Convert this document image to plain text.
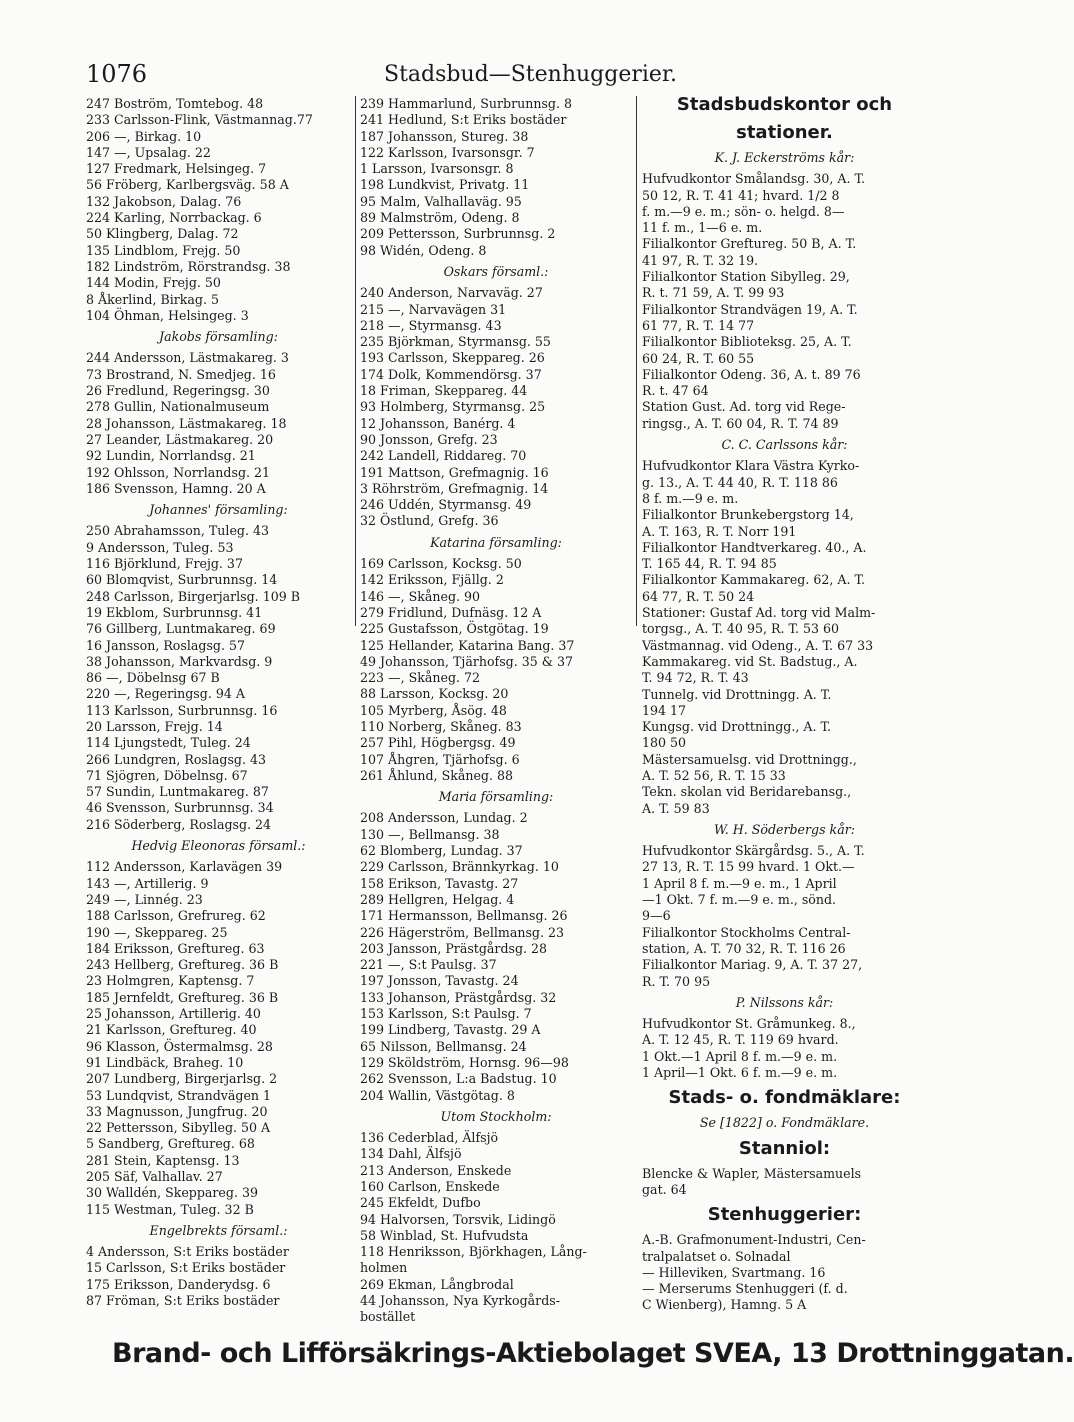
1076	Stadsbud—Stenhuggerier.
247 Boström, Tomtebog. 48
233 Carlsson-Flink, Västmannag.77
206 —, Birkag. 10
147 —, Upsalag. 22
127 Fredmark, Helsingeg. 7
56 Fröberg, Karlbergsväg. 58 A
132 Jakobson, Dalag. 76
224 Karling, Norrbackag. 6
50 Klingberg, Dalag. 72
135 Lindblom, Frejg. 50
182 Lindström, Rörstrandsg. 38
144 Modin, Frejg. 50
8 Åkerlind, Birkag. 5
104 Öhman, Helsingeg. 3
Jakobs församling:
244 Andersson, Lästmakareg. 3
73 Brostrand, N. Smedjeg. 16
26 Fredlund, Regeringsg. 30
278 Gullin, Nationalmuseum
28 Johansson, Lästmakareg. 18
27 Leander, Lästmakareg. 20
92 Lundin, Norrlandsg. 21
192 Ohlsson, Norrlandsg. 21
186 Svensson, Hamng. 20 A
Johannes' församling:
250 Abrahamsson, Tuleg. 43
9 Andersson, Tuleg. 53
116 Björklund, Frejg. 37
60 Blomqvist, Surbrunnsg. 14
248 Carlsson, Birgerjarlsg. 109 B
19 Ekblom, Surbrunnsg. 41
76 Gillberg, Luntmakareg. 69
16 Jansson, Roslagsg. 57
38 Johansson, Markvardsg. 9
86 —, Döbelnsg 67 B
220 —, Regeringsg. 94 A
113 Karlsson, Surbrunnsg. 16
20 Larsson, Frejg. 14
114 Ljungstedt, Tuleg. 24
266 Lundgren, Roslagsg. 43
71 Sjögren, Döbelnsg. 67
57 Sundin, Luntmakareg. 87
46 Svensson, Surbrunnsg. 34
216 Söderberg, Roslagsg. 24
Hedvig Eleonoras församl.:
112 Andersson, Karlavägen 39
143 —, Artillerig. 9
249 —, Linnég. 23
188 Carlsson, Grefrureg. 62
190 —, Skeppareg. 25
184 Eriksson, Greftureg. 63
243 Hellberg, Greftureg. 36 B
23 Holmgren, Kaptensg. 7
185 Jernfeldt, Greftureg. 36 B
25 Johansson, Artillerig. 40
21 Karlsson, Greftureg. 40
96 Klasson, Östermalmsg. 28
91 Lindbäck, Braheg. 10
207 Lundberg, Birgerjarlsg. 2
53 Lundqvist, Strandvägen 1
33 Magnusson, Jungfrug. 20
22 Pettersson, Sibylleg. 50 A
5 Sandberg, Greftureg. 68
281 Stein, Kaptensg. 13
205 Säf, Valhallav. 27
30 Walldén, Skeppareg. 39
115 Westman, Tuleg. 32 B
Engelbrekts församl.:
4 Andersson, S:t Eriks bostäder
15 Carlsson, S:t Eriks bostäder
175 Eriksson, Danderydsg. 6
87 Fröman, S:t Eriks bostäder
239 Hammarlund, Surbrunnsg. 8
241 Hedlund, S:t Eriks bostäder
187 Johansson, Stureg. 38
122 Karlsson, Ivarsonsgr. 7
1 Larsson, Ivarsonsgr. 8
198 Lundkvist, Privatg. 11
95 Malm, Valhallaväg. 95
89 Malmström, Odeng. 8
209 Pettersson, Surbrunnsg. 2
98 Widén, Odeng. 8
Oskars församl.:
240 Anderson, Narvaväg. 27
215 —, Narvavägen 31
218 —, Styrmansg. 43
235 Björkman, Styrmansg. 55
193 Carlsson, Skeppareg. 26
174 Dolk, Kommendörsg. 37
18 Friman, Skeppareg. 44
93 Holmberg, Styrmansg. 25
12 Johansson, Banérg. 4
90 Jonsson, Grefg. 23
242 Landell, Riddareg. 70
191 Mattson, Grefmagnig. 16
3 Röhrström, Grefmagnig. 14
246 Uddén, Styrmansg. 49
32 Östlund, Grefg. 36
Katarina församling:
169 Carlsson, Kocksg. 50
142 Eriksson, Fjällg. 2
146 —, Skåneg. 90
279 Fridlund, Dufnäsg. 12 A
225 Gustafsson, Östgötag. 19
125 Hellander, Katarina Bang. 37
49 Johansson, Tjärhofsg. 35 & 37
223 —, Skåneg. 72
88 Larsson, Kocksg. 20
105 Myrberg, Åsög. 48
110 Norberg, Skåneg. 83
257 Pihl, Högbergsg. 49
107 Åhgren, Tjärhofsg. 6
261 Åhlund, Skåneg. 88
Maria församling:
208 Andersson, Lundag. 2
130 —, Bellmansg. 38
62 Blomberg, Lundag. 37
229 Carlsson, Brännkyrkag. 10
158 Erikson, Tavastg. 27
289 Hellgren, Helgag. 4
171 Hermansson, Bellmansg. 26
226 Hägerström, Bellmansg. 23
203 Jansson, Prästgårdsg. 28
221 —, S:t Paulsg. 37
197 Jonsson, Tavastg. 24
133 Johanson, Prästgårdsg. 32
153 Karlsson, S:t Paulsg. 7
199 Lindberg, Tavastg. 29 A
65 Nilsson, Bellmansg. 24
129 Sköldström, Hornsg. 96—98
262 Svensson, L:a Badstug. 10
204 Wallin, Västgötag. 8
Utom Stockholm:
136 Cederblad, Älfsjö
134 Dahl, Älfsjö
213 Anderson, Enskede
160 Carlson, Enskede
245 Ekfeldt, Dufbo
94 Halvorsen, Torsvik, Lidingö
58 Winblad, St. Hufvudsta
118 Henriksson, Björkhagen, Lång-
holmen
269 Ekman, Långbrodal
44 Johansson, Nya Kyrkogårds-
bostället
Stadsbudskontor och
stationer.
K. J. Eckerströms kår:
Hufvudkontor Smålandsg. 30, A. T.
50 12, R. T. 41 41; hvard. 1/2 8
f. m.—9 e. m.; sön- o. helgd. 8—
11 f. m., 1—6 e. m.
Filialkontor Greftureg. 50 B, A. T.
41 97, R. T. 32 19.
Filialkontor Station Sibylleg. 29,
R. t. 71 59, A. T. 99 93
Filialkontor Strandvägen 19, A. T.
61 77, R. T. 14 77
Filialkontor Biblioteksg. 25, A. T.
60 24, R. T. 60 55
Filialkontor Odeng. 36, A. t. 89 76
R. t. 47 64
Station Gust. Ad. torg vid Rege-
ringsg., A. T. 60 04, R. T. 74 89
C. C. Carlssons kår:
Hufvudkontor Klara Västra Kyrko-
g. 13., A. T. 44 40, R. T. 118 86
8 f. m.—9 e. m.
Filialkontor Brunkebergstorg 14,
A. T. 163, R. T. Norr 191
Filialkontor Handtverkareg. 40., A.
T. 165 44, R. T. 94 85
Filialkontor Kammakareg. 62, A. T.
64 77, R. T. 50 24
Stationer: Gustaf Ad. torg vid Malm-
torgsg., A. T. 40 95, R. T. 53 60
Västmannag. vid Odeng., A. T. 67 33
Kammakareg. vid St. Badstug., A.
T. 94 72, R. T. 43
Tunnelg. vid Drottningg. A. T.
194 17
Kungsg. vid Drottningg., A. T.
180 50
Mästersamuelsg. vid Drottningg.,
A. T. 52 56, R. T. 15 33
Tekn. skolan vid Beridarebansg.,
A. T. 59 83
W. H. Söderbergs kår:
Hufvudkontor Skärgårdsg. 5., A. T.
27 13, R. T. 15 99 hvard. 1 Okt.—
1 April 8 f. m.—9 e. m., 1 April
—1 Okt. 7 f. m.—9 e. m., sönd.
9—6
Filialkontor Stockholms Central-
station, A. T. 70 32, R. T. 116 26
Filialkontor Mariag. 9, A. T. 37 27,
R. T. 70 95
P. Nilssons kår:
Hufvudkontor St. Gråmunkeg. 8.,
A. T. 12 45, R. T. 119 69 hvard.
1 Okt.—1 April 8 f. m.—9 e. m.
1 April—1 Okt. 6 f. m.—9 e. m.
Stads- o. fondmäklare:
Se [1822] o. Fondmäklare.
Stanniol:
Blencke & Wapler, Mästersamuels
gat. 64
Stenhuggerier:
A.-B. Grafmonument-Industri, Cen-
tralpalatset o. Solnadal
— Hilleviken, Svartmang. 16
— Merserums Stenhuggeri (f. d.
C Wienberg), Hamng. 5 A
Brand- och Lifförsäkrings-Aktiebolaget SVEA, 13 Drottninggatan.
